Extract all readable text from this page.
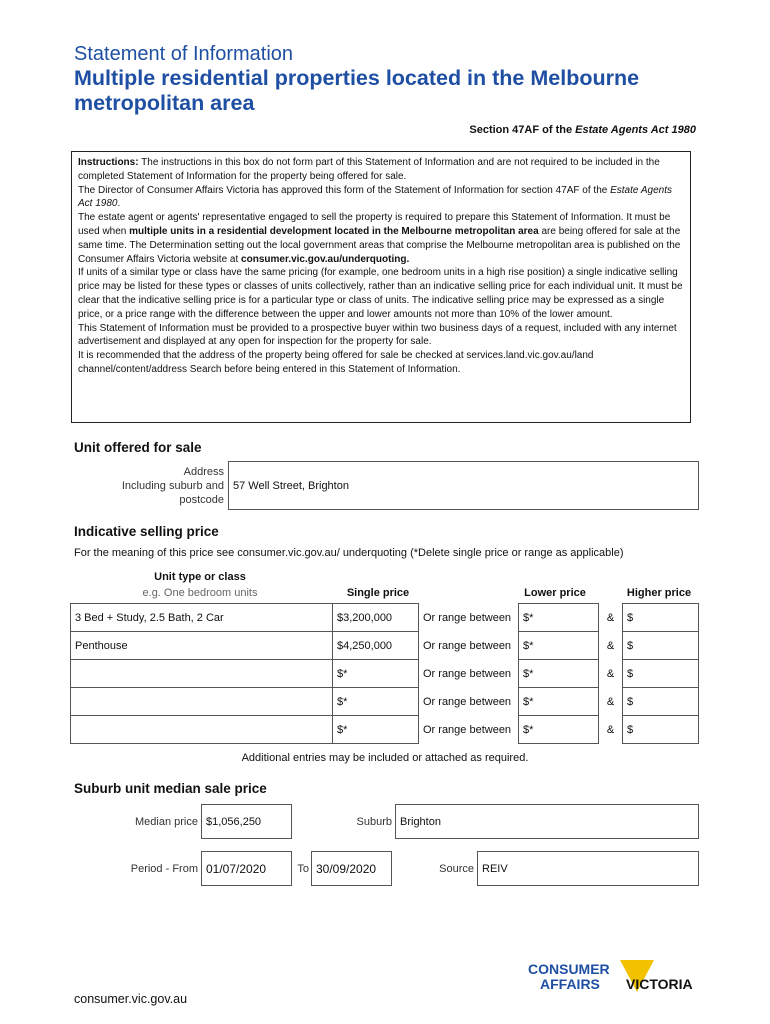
Statement of Information
Multiple residential properties located in the Melbourne metropolitan area
Section 47AF of the Estate Agents Act 1980

Instructions: The instructions in this box do not form part of this Statement of Information and are not required to be included in the completed Statement of Information for the property being offered for sale.

The Director of Consumer Affairs Victoria has approved this form of the Statement of Information for section 47AF of the Estate Agents Act 1980.

The estate agent or agents' representative engaged to sell the property is required to prepare this Statement of Information. It must be used when multiple units in a residential development located in the Melbourne metropolitan area are being offered for sale at the same time. The Determination setting out the local government areas that comprise the Melbourne metropolitan area is published on the Consumer Affairs Victoria website at consumer.vic.gov.au/underquoting.

If units of a similar type or class have the same pricing (for example, one bedroom units in a high rise position) a single indicative selling price may be listed for these types or classes of units collectively, rather than an indicative selling price for each individual unit. It must be clear that the indicative selling price is for a particular type or class of units. The indicative selling price may be expressed as a single price, or a price range with the difference between the upper and lower amounts not more than 10% of the lower amount.

This Statement of Information must be provided to a prospective buyer within two business days of a request, included with any internet advertisement and displayed at any open for inspection for the property for sale.

It is recommended that the address of the property being offered for sale be checked at services.land.vic.gov.au/land channel/content/address Search before being entered in this Statement of Information.

Unit offered for sale
Address
Including suburb and
postcode
57 Well Street, Brighton
Indicative selling price
For the meaning of this price see consumer.vic.gov.au/ underquoting (*Delete single price or range as applicable)
Unit type or class
e.g. One bedroom units	Single price	Lower price	Higher price
3 Bed + Study, 2.5 Bath, 2 Car	$3,200,000	Or range between	$*	&	$
Penthouse	$4,250,000	Or range between	$*	&	$
	$*	Or range between	$*	&	$
	$*	Or range between	$*	&	$
	$*	Or range between	$*	&	$
Additional entries may be included or attached as required.
Suburb unit median sale price
Median price $1,056,250	Suburb Brighton
Period - From 01/07/2020	To 30/09/2020	Source REIV
consumer.vic.gov.au
CONSUMER
AFFAIRS VICTORIA
